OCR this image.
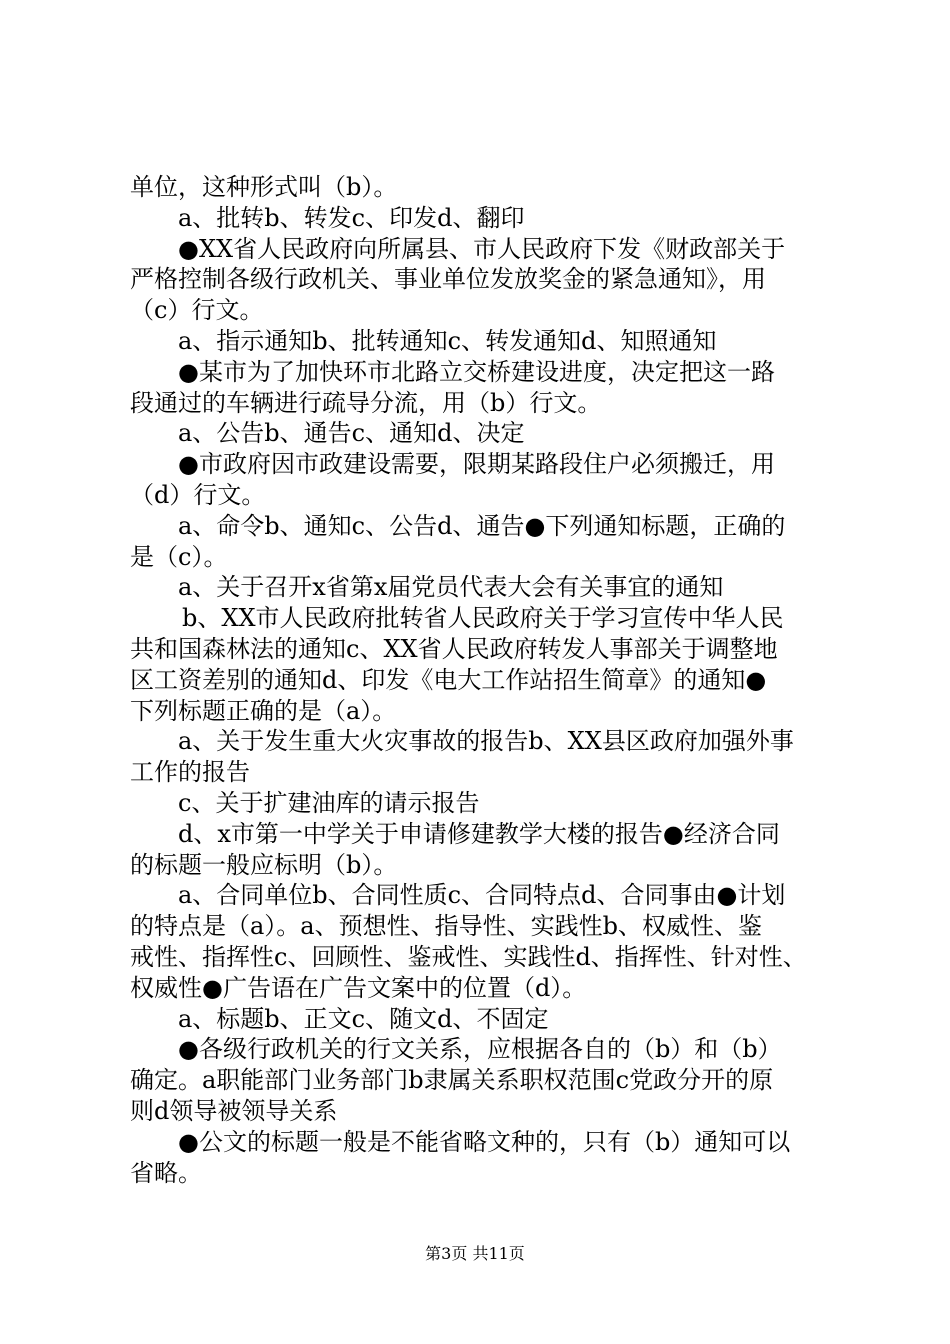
单位，这种形式叫（b）。
a、批转b、转发c、印发d、翻印
●XX省人民政府向所属县、市人民政府下发《财政部关于
严格控制各级行政机关、事业单位发放奖金的紧急通知》，用
（c）行文。
a、指示通知b、批转通知c、转发通知d、知照通知
●某市为了加快环市北路立交桥建设进度，决定把这一路
段通过的车辆进行疏导分流，用（b）行文。
a、公告b、通告c、通知d、决定
●市政府因市政建设需要，限期某路段住户必须搬迁，用
（d）行文。
a、命令b、通知c、公告d、通告●下列通知标题，正确的
是（c）。
a、关于召开x省第x届党员代表大会有关事宜的通知
b、XX市人民政府批转省人民政府关于学习宣传中华人民
共和国森林法的通知c、XX省人民政府转发人事部关于调整地
区工资差别的通知d、印发《电大工作站招生简章》的通知●
下列标题正确的是（a）。
a、关于发生重大火灾事故的报告b、XX县区政府加强外事
工作的报告
c、关于扩建油库的请示报告
d、x市第一中学关于申请修建教学大楼的报告●经济合同
的标题一般应标明（b）。
a、合同单位b、合同性质c、合同特点d、合同事由●计划
的特点是（a）。a、预想性、指导性、实践性b、权威性、鉴
戒性、指挥性c、回顾性、鉴戒性、实践性d、指挥性、针对性、
权威性●广告语在广告文案中的位置（d）。
a、标题b、正文c、随文d、不固定
●各级行政机关的行文关系，应根据各自的（b）和（b）
确定。a职能部门业务部门b隶属关系职权范围c党政分开的原
则d领导被领导关系
●公文的标题一般是不能省略文种的，只有（b）通知可以
省略。
第3页 共11页
